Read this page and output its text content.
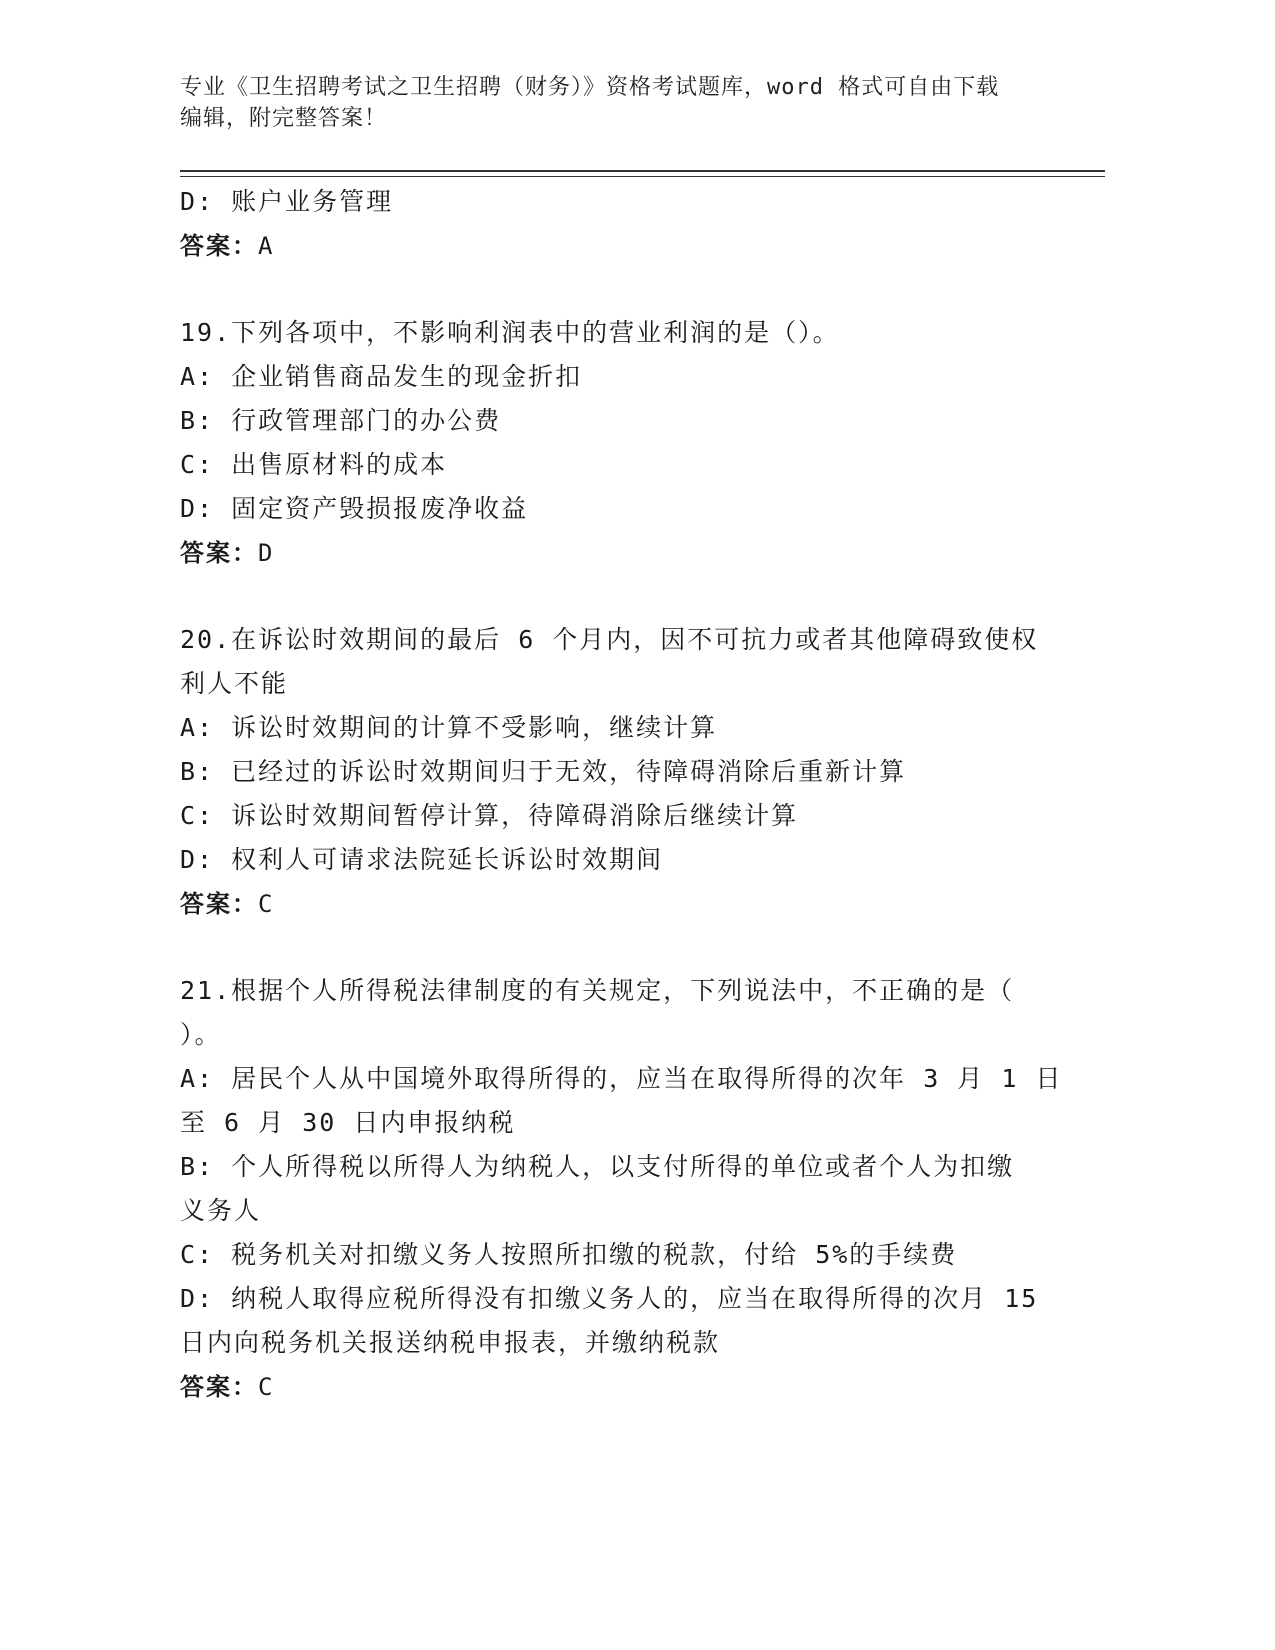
专业《卫生招聘考试之卫生招聘（财务）》资格考试题库，word 格式可自由下载
编辑，附完整答案！
D: 账户业务管理
答案：A
19.下列各项中，不影响利润表中的营业利润的是（）。
A: 企业销售商品发生的现金折扣
B: 行政管理部门的办公费
C: 出售原材料的成本
D: 固定资产毁损报废净收益
答案：D
20.在诉讼时效期间的最后 6 个月内，因不可抗力或者其他障碍致使权
利人不能
A: 诉讼时效期间的计算不受影响，继续计算
B: 已经过的诉讼时效期间归于无效，待障碍消除后重新计算
C: 诉讼时效期间暂停计算，待障碍消除后继续计算
D: 权利人可请求法院延长诉讼时效期间
答案：C
21.根据个人所得税法律制度的有关规定，下列说法中，不正确的是（
）。
A: 居民个人从中国境外取得所得的，应当在取得所得的次年 3 月 1 日
至 6 月 30 日内申报纳税
B: 个人所得税以所得人为纳税人，以支付所得的单位或者个人为扣缴
义务人
C: 税务机关对扣缴义务人按照所扣缴的税款，付给 5%的手续费
D: 纳税人取得应税所得没有扣缴义务人的，应当在取得所得的次月 15
日内向税务机关报送纳税申报表，并缴纳税款
答案：C
